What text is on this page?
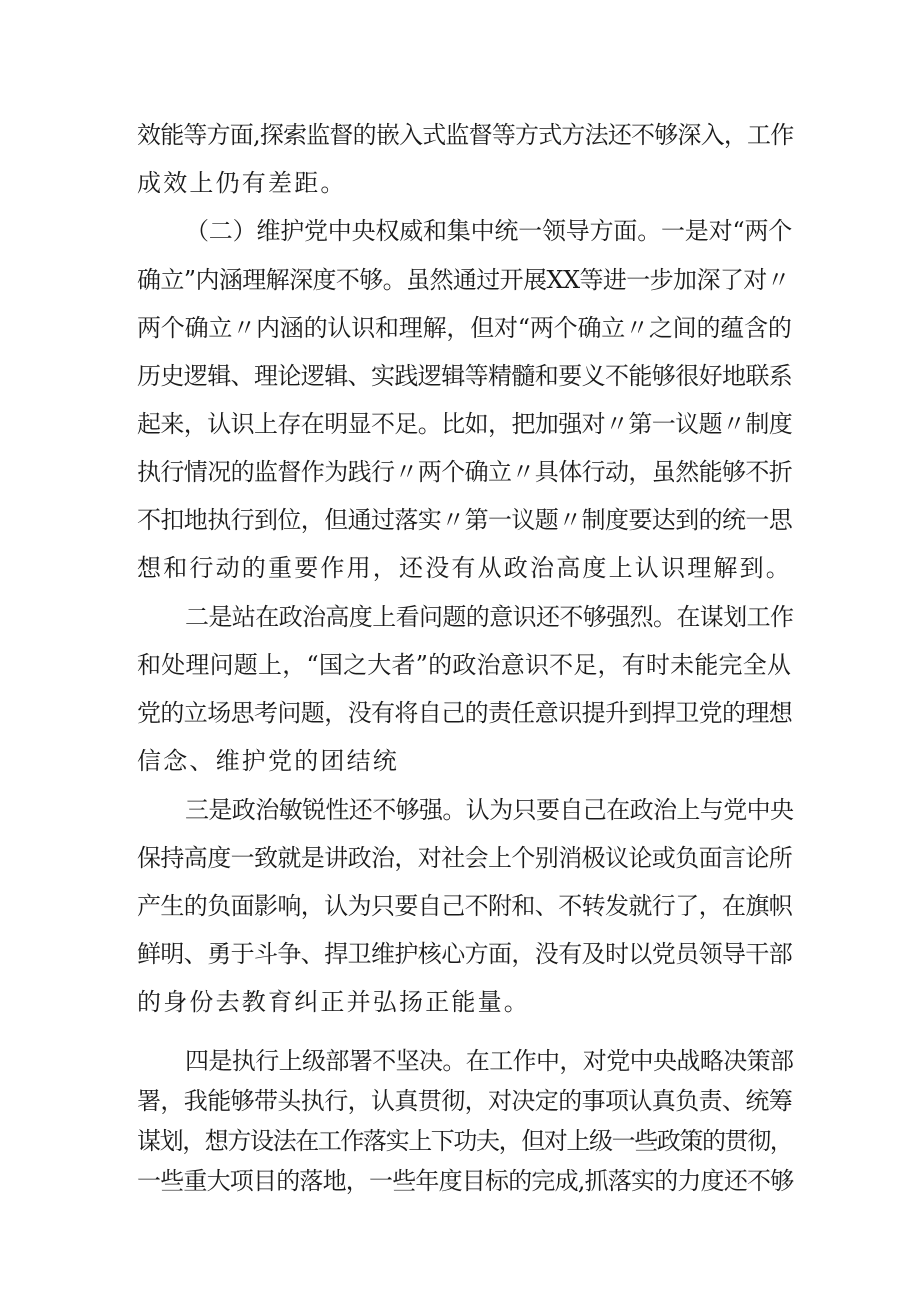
效能等方面,探索监督的嵌入式监督等方式方法还不够深入，工作
成效上仍有差距。
（二）维护党中央权威和集中统一领导方面。一是对“两个
确立”内涵理解深度不够。虽然通过开展XX等进一步加深了对〃
两个确立〃内涵的认识和理解，但对“两个确立〃之间的蕴含的
历史逻辑、理论逻辑、实践逻辑等精髓和要义不能够很好地联系
起来，认识上存在明显不足。比如，把加强对〃第一议题〃制度
执行情况的监督作为践行〃两个确立〃具体行动，虽然能够不折
不扣地执行到位，但通过落实〃第一议题〃制度要达到的统一思
想和行动的重要作用，还没有从政治高度上认识理解到。
二是站在政治高度上看问题的意识还不够强烈。在谋划工作
和处理问题上，“国之大者”的政治意识不足，有时未能完全从
党的立场思考问题，没有将自己的责任意识提升到捍卫党的理想
信念、维护党的团结统
三是政治敏锐性还不够强。认为只要自己在政治上与党中央
保持高度一致就是讲政治，对社会上个别消极议论或负面言论所
产生的负面影响，认为只要自己不附和、不转发就行了，在旗帜
鲜明、勇于斗争、捍卫维护核心方面，没有及时以党员领导干部
的身份去教育纠正并弘扬正能量。
四是执行上级部署不坚决。在工作中，对党中央战略决策部
署，我能够带头执行，认真贯彻，对决定的事项认真负责、统筹
谋划，想方设法在工作落实上下功夫，但对上级一些政策的贯彻，
一些重大项目的落地，一些年度目标的完成,抓落实的力度还不够
